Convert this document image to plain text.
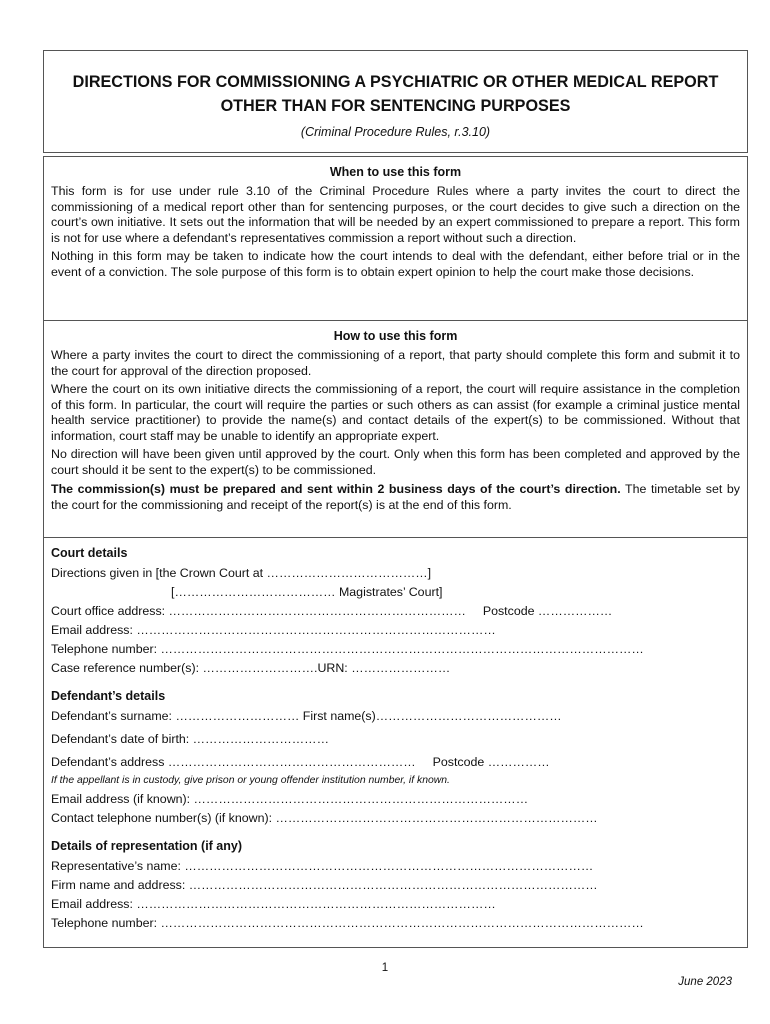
DIRECTIONS FOR COMMISSIONING A PSYCHIATRIC OR OTHER MEDICAL REPORT OTHER THAN FOR SENTENCING PURPOSES
(Criminal Procedure Rules, r.3.10)
When to use this form

This form is for use under rule 3.10 of the Criminal Procedure Rules where a party invites the court to direct the commissioning of a medical report other than for sentencing purposes, or the court decides to give such a direction on the court’s own initiative. It sets out the information that will be needed by an expert commissioned to prepare a report. This form is not for use where a defendant’s representatives commission a report without such a direction.

Nothing in this form may be taken to indicate how the court intends to deal with the defendant, either before trial or in the event of a conviction. The sole purpose of this form is to obtain expert opinion to help the court make those decisions.

How to use this form

Where a party invites the court to direct the commissioning of a report, that party should complete this form and submit it to the court for approval of the direction proposed.

Where the court on its own initiative directs the commissioning of a report, the court will require assistance in the completion of this form. In particular, the court will require the parties or such others as can assist (for example a criminal justice mental health service practitioner) to provide the name(s) and contact details of the expert(s) to be commissioned. Without that information, court staff may be unable to identify an appropriate expert.

No direction will have been given until approved by the court. Only when this form has been completed and approved by the court should it be sent to the expert(s) to be commissioned.

The commission(s) must be prepared and sent within 2 business days of the court’s direction. The timetable set by the court for the commissioning and receipt of the report(s) is at the end of this form.

Court details
Directions given in [the Crown Court at …………………………………]
[………………………………… Magistrates’ Court]
Court office address: ……………………………………………………………… Postcode ………………
Email address: ……………………………………………………………………………
Telephone number: ………………………………………………………………………………………………………
Case reference number(s): ……………………….URN: ……………………
Defendant’s details
Defendant’s surname: ………………………… First name(s)………………………………………
Defendant’s date of birth: ……………………………
Defendant’s address …………………………………………………… Postcode ……………
If the appellant is in custody, give prison or young offender institution number, if known.
Email address (if known): ………………………………………………………………………
Contact telephone number(s) (if known): ……………………………………………………………………
Details of representation (if any)
Representative’s name: ………………………………………………………………………………………
Firm name and address: ………………………………………………………………………………………
Email address: ……………………………………………………………………………
Telephone number: ………………………………………………………………………………………………………
1
June 2023
